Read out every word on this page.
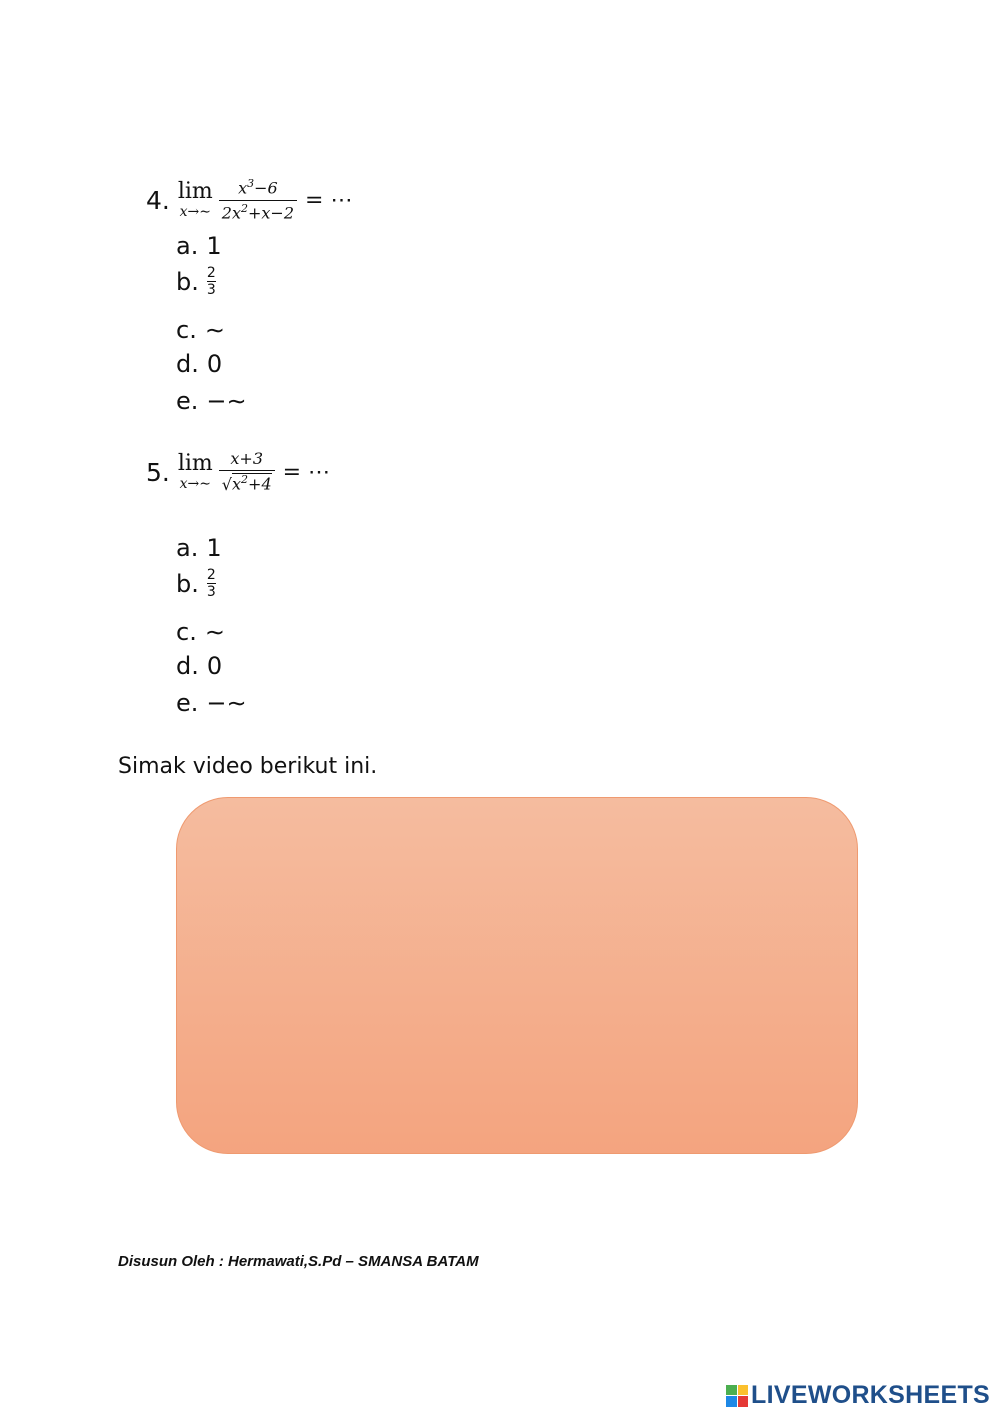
4. lim
x→∼ $\frac{x^3-6}{2x^2+x-2}$ = ⋯
a. 1
b. $\frac{2}{3}$
c. ∼
d. 0
e. −∼
5. lim
x→∼ $\frac{x+3}{√ x^2+4}$ = ⋯
a. 1
b. $\frac{2}{3}$
c. ∼
d. 0
e. −∼
Simak video berikut ini.
Disusun Oleh : Hermawati,S.Pd – SMANSA BATAM
LIVEWORKSHEETS
